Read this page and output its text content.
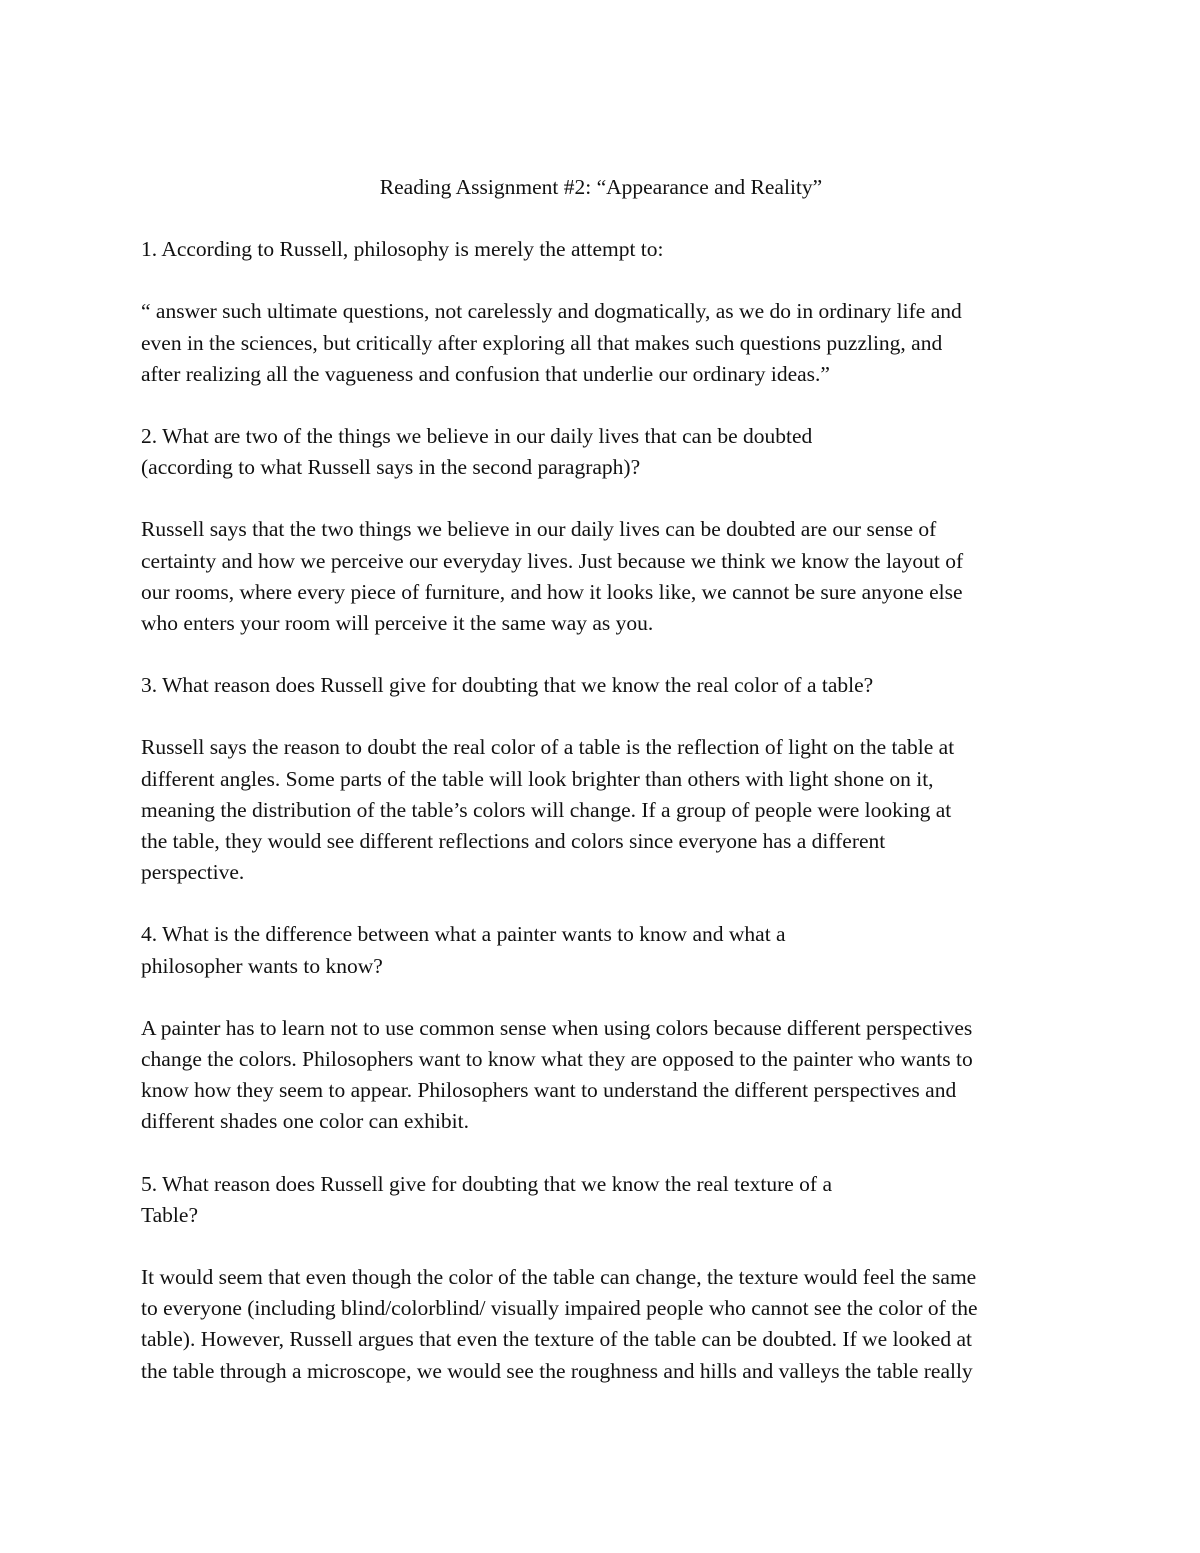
Reading Assignment #2: “Appearance and Reality”
1. According to Russell, philosophy is merely the attempt to:
“ answer such ultimate questions, not carelessly and dogmatically, as we do in ordinary life and
even in the sciences, but critically after exploring all that makes such questions puzzling, and
after realizing all the vagueness and confusion that underlie our ordinary ideas.”
2. What are two of the things we believe in our daily lives that can be doubted
(according to what Russell says in the second paragraph)?
Russell says that the two things we believe in our daily lives can be doubted are our sense of
certainty and how we perceive our everyday lives. Just because we think we know the layout of
our rooms, where every piece of furniture, and how it looks like, we cannot be sure anyone else
who enters your room will perceive it the same way as you.
3. What reason does Russell give for doubting that we know the real color of a table?
Russell says the reason to doubt the real color of a table is the reflection of light on the table at
different angles. Some parts of the table will look brighter than others with light shone on it,
meaning the distribution of the table’s colors will change. If a group of people were looking at
the table, they would see different reflections and colors since everyone has a different
perspective.
4. What is the difference between what a painter wants to know and what a
philosopher wants to know?
A painter has to learn not to use common sense when using colors because different perspectives
change the colors. Philosophers want to know what they are opposed to the painter who wants to
know how they seem to appear. Philosophers want to understand the different perspectives and
different shades one color can exhibit.
5. What reason does Russell give for doubting that we know the real texture of a
Table?
It would seem that even though the color of the table can change, the texture would feel the same
to everyone (including blind/colorblind/ visually impaired people who cannot see the color of the
table). However, Russell argues that even the texture of the table can be doubted. If we looked at
the table through a microscope, we would see the roughness and hills and valleys the table really
